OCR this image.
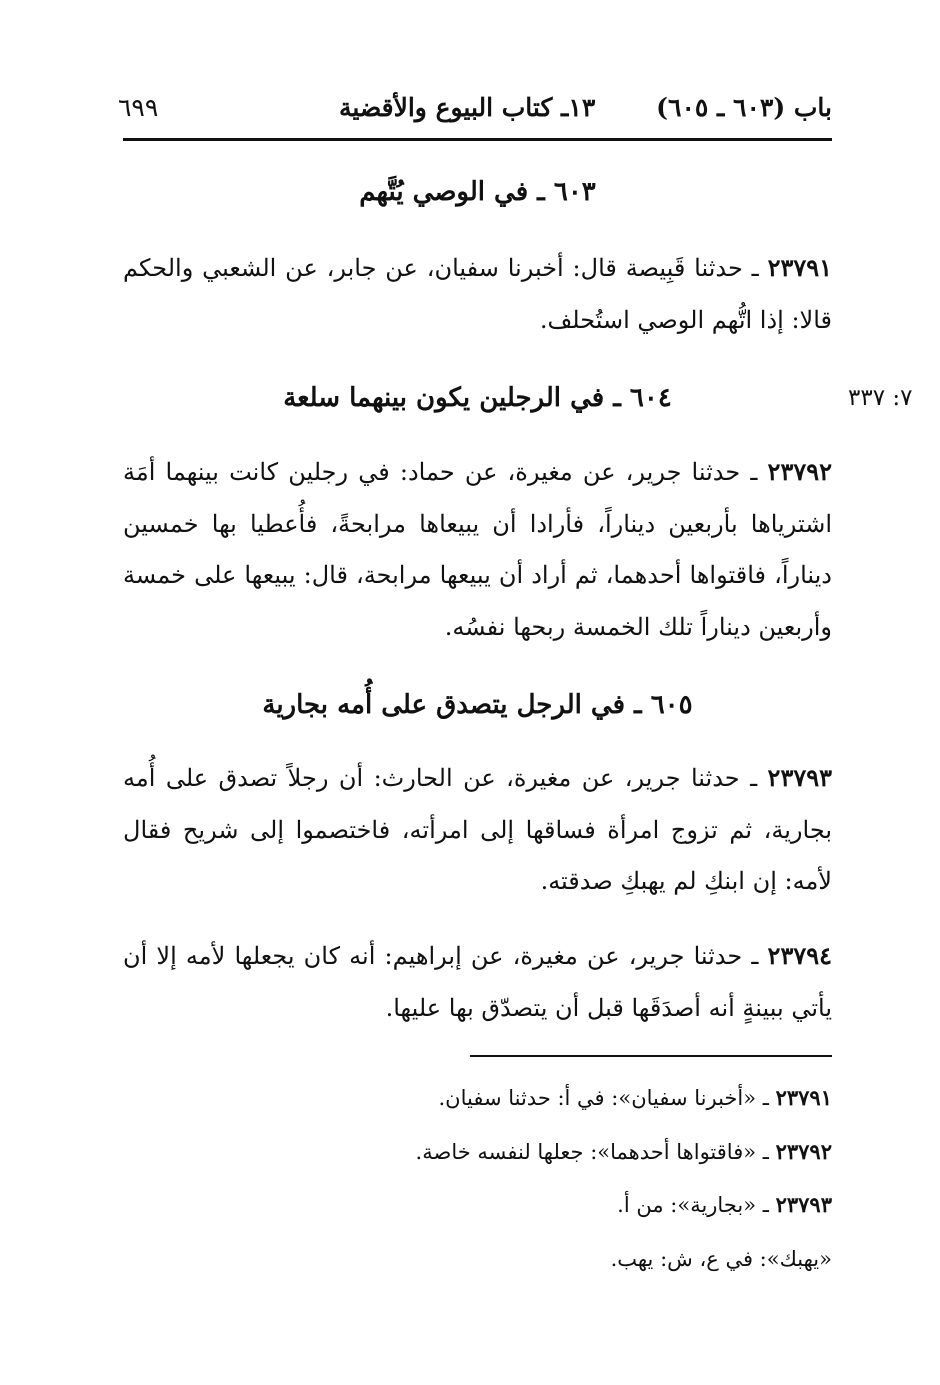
٦٩٩	باب (٦٠٣ ـ ٦٠٥)       ١٣ـ كتاب البيوع والأقضية
٦٠٣ ـ في الوصي يُتَّهم
٢٣٧٩١ ـ حدثنا قَبِيصة قال: أخبرنا سفيان، عن جابر، عن الشعبي والحكم قالا: إذا اتُّهم الوصي استُحلف.
٧: ٣٣٧
٦٠٤ ـ في الرجلين يكون بينهما سلعة
٢٣٧٩٢ ـ حدثنا جرير، عن مغيرة، عن حماد: في رجلين كانت بينهما أمَة اشترياها بأربعين ديناراً، فأرادا أن يبيعاها مرابحةً، فأُعطيا بها خمسين ديناراً، فاقتواها أحدهما، ثم أراد أن يبيعها مرابحة، قال: يبيعها على خمسة وأربعين ديناراً تلك الخمسة ربحها نفسُه.
٦٠٥ ـ في الرجل يتصدق على أُمه بجارية
٢٣٧٩٣ ـ حدثنا جرير، عن مغيرة، عن الحارث: أن رجلاً تصدق على أُمه بجارية، ثم تزوج امرأة فساقها إلى امرأته، فاختصموا إلى شريح فقال لأمه: إن ابنكِ لم يهبكِ صدقته.
٢٣٧٩٤ ـ حدثنا جرير، عن مغيرة، عن إبراهيم: أنه كان يجعلها لأمه إلا أن يأتي ببينةٍ أنه أصدَقَها قبل أن يتصدّق بها عليها.
٢٣٧٩١ ـ «أخبرنا سفيان»: في أ: حدثنا سفيان.
٢٣٧٩٢ ـ «فاقتواها أحدهما»: جعلها لنفسه خاصة.
٢٣٧٩٣ ـ «بجارية»: من أ.
«يهبك»: في ع، ش: يهب.
